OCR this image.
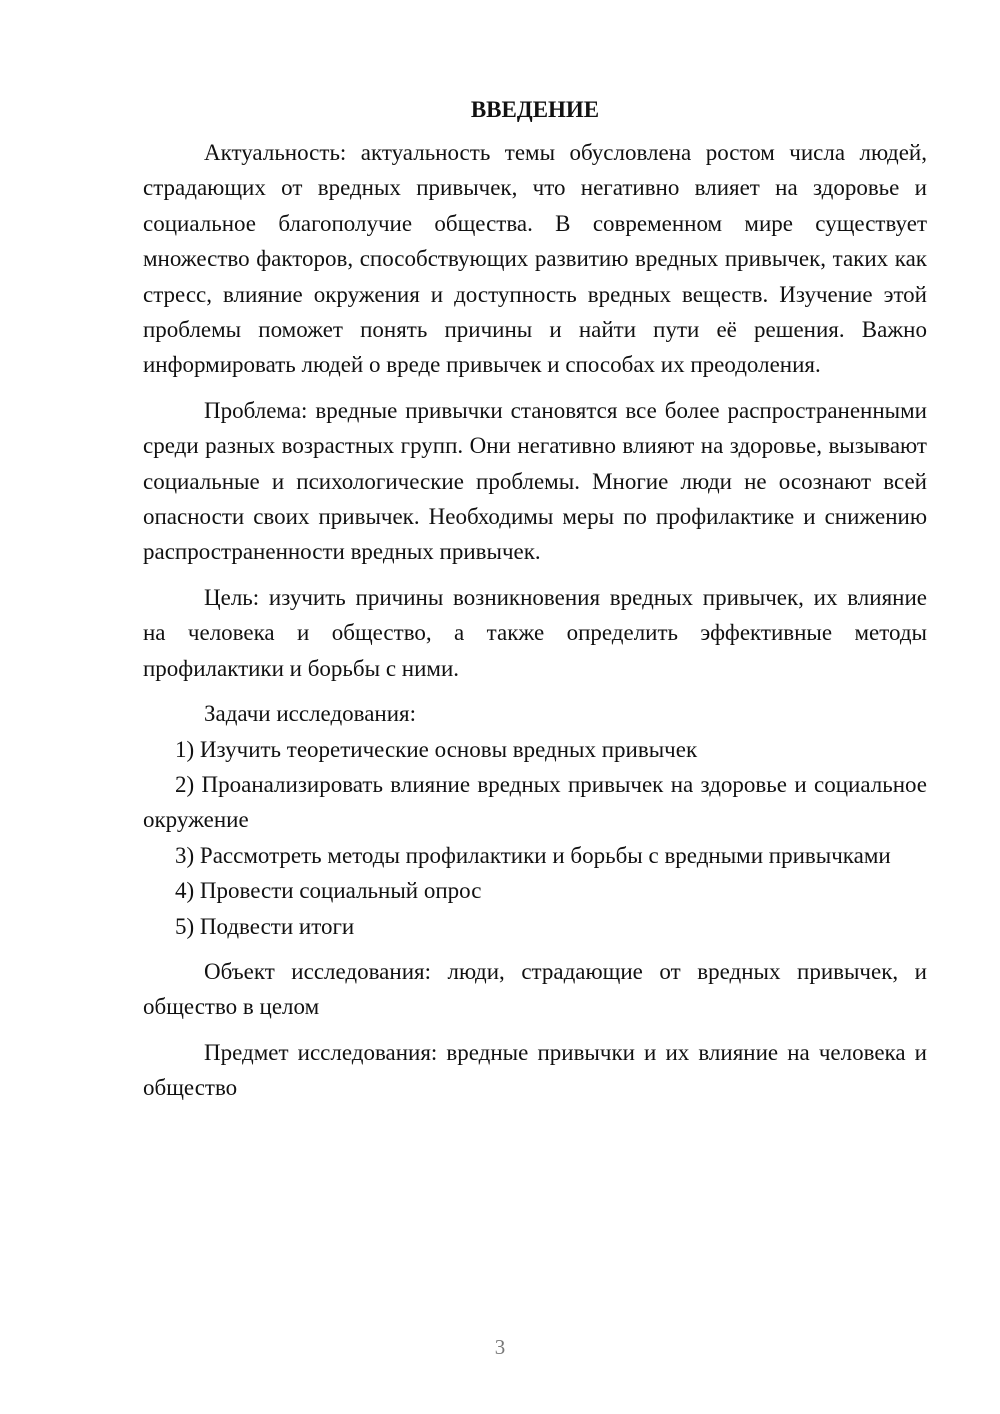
ВВЕДЕНИЕ

Актуальность: актуальность темы обусловлена ростом числа людей, страдающих от вредных привычек, что негативно влияет на здоровье и социальное благополучие общества. В современном мире существует множество факторов, способствующих развитию вредных привычек, таких как стресс, влияние окружения и доступность вредных веществ. Изучение этой проблемы поможет понять причины и найти пути её решения. Важно информировать людей о вреде привычек и способах их преодоления.

Проблема: вредные привычки становятся все более распространенными среди разных возрастных групп. Они негативно влияют на здоровье, вызывают социальные и психологические проблемы. Многие люди не осознают всей опасности своих привычек. Необходимы меры по профилактике и снижению распространенности вредных привычек.

Цель: изучить причины возникновения вредных привычек, их влияние на человека и общество, а также определить эффективные методы профилактики и борьбы с ними.

Задачи исследования:

1) Изучить теоретические основы вредных привычек

2) Проанализировать влияние вредных привычек на здоровье и социальное окружение

3) Рассмотреть методы профилактики и борьбы с вредными привычками

4) Провести социальный опрос

5) Подвести итоги

Объект исследования: люди, страдающие от вредных привычек, и общество в целом

Предмет исследования: вредные привычки и их влияние на человека и общество

3
